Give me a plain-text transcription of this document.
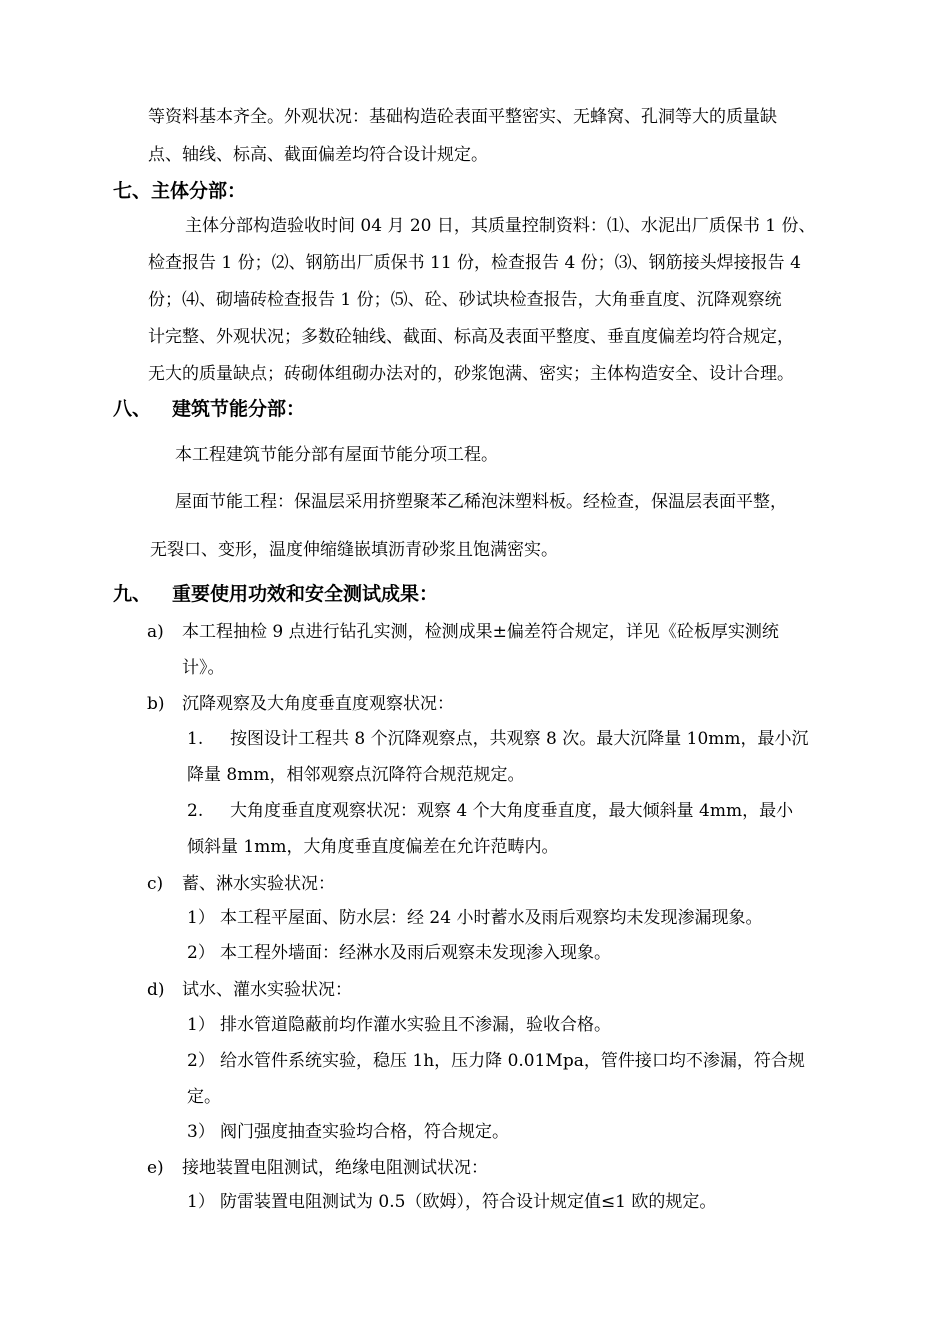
等资料基本齐全。外观状况：基础构造砼表面平整密实、无蜂窝、孔洞等大的质量缺
点、轴线、标高、截面偏差均符合设计规定。
七、主体分部：
主体分部构造验收时间 04 月 20 日，其质量控制资料：⑴、水泥出厂质保书 1 份、
检查报告 1 份；⑵、钢筋出厂质保书 11 份，检查报告 4 份；⑶、钢筋接头焊接报告 4
份；⑷、砌墙砖检查报告 1 份；⑸、砼、砂试块检查报告，大角垂直度、沉降观察统
计完整、外观状况；多数砼轴线、截面、标高及表面平整度、垂直度偏差均符合规定，
无大的质量缺点；砖砌体组砌办法对的，砂浆饱满、密实；主体构造安全、设计合理。
八、 建筑节能分部：
本工程建筑节能分部有屋面节能分项工程。
屋面节能工程：保温层采用挤塑聚苯乙稀泡沫塑料板。经检查，保温层表面平整，
无裂口、变形，温度伸缩缝嵌填沥青砂浆且饱满密实。
九、 重要使用功效和安全测试成果：
a) 本工程抽检 9 点进行钻孔实测，检测成果±偏差符合规定，详见《砼板厚实测统
计》。
b) 沉降观察及大角度垂直度观察状况：
1. 按图设计工程共 8 个沉降观察点，共观察 8 次。最大沉降量 10mm，最小沉
降量 8mm，相邻观察点沉降符合规范规定。
2. 大角度垂直度观察状况：观察 4 个大角度垂直度，最大倾斜量 4mm，最小
倾斜量 1mm，大角度垂直度偏差在允许范畴内。
c) 蓄、淋水实验状况：
1） 本工程平屋面、防水层：经 24 小时蓄水及雨后观察均未发现渗漏现象。
2） 本工程外墙面：经淋水及雨后观察未发现渗入现象。
d) 试水、灌水实验状况：
1） 排水管道隐蔽前均作灌水实验且不渗漏，验收合格。
2） 给水管件系统实验，稳压 1h，压力降 0.01Mpa，管件接口均不渗漏，符合规
定。
3） 阀门强度抽查实验均合格，符合规定。
e) 接地装置电阻测试，绝缘电阻测试状况：
1） 防雷装置电阻测试为 0.5（欧姆），符合设计规定值≤1 欧的规定。
